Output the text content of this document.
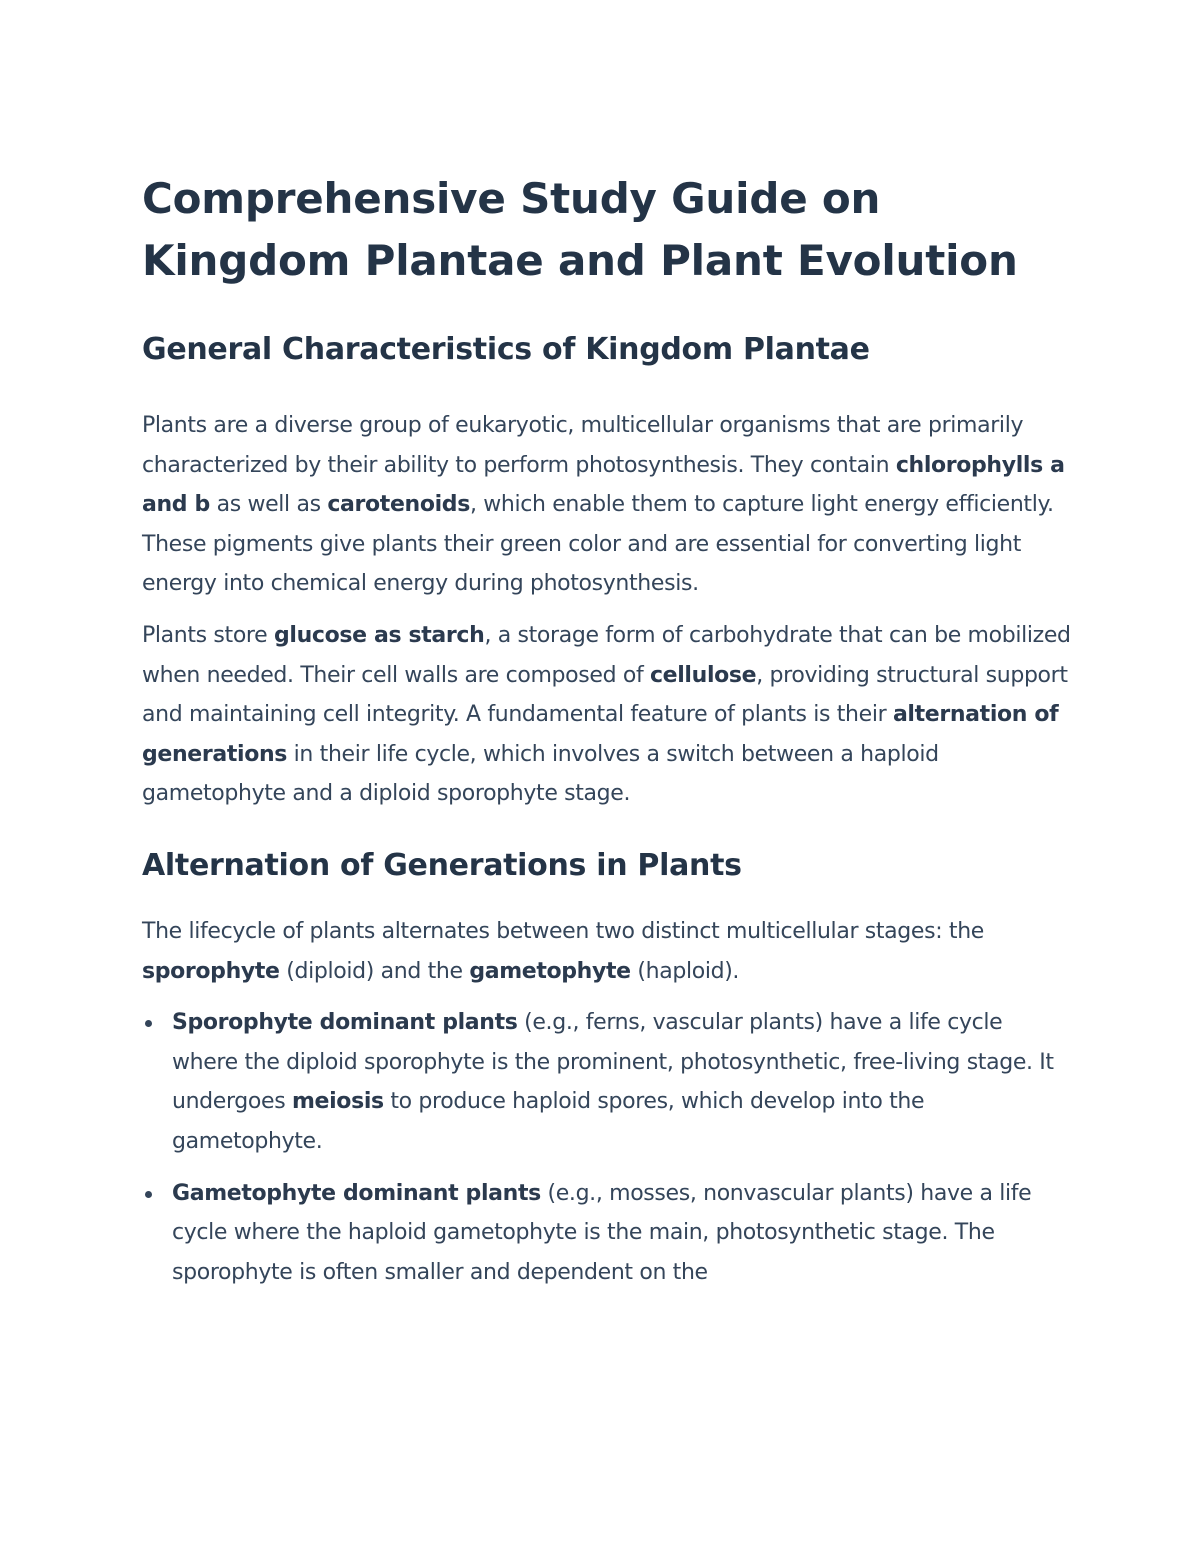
Comprehensive Study Guide on
Kingdom Plantae and Plant Evolution
General Characteristics of Kingdom Plantae

Plants are a diverse group of eukaryotic, multicellular organisms that are primarily characterized by their ability to perform photosynthesis. They contain chlorophylls a and b as well as carotenoids, which enable them to capture light energy efficiently. These pigments give plants their green color and are essential for converting light energy into chemical energy during photosynthesis.

Plants store glucose as starch, a storage form of carbohydrate that can be mobilized when needed. Their cell walls are composed of cellulose, providing structural support and maintaining cell integrity. A fundamental feature of plants is their alternation of generations in their life cycle, which involves a switch between a haploid gametophyte and a diploid sporophyte stage.

Alternation of Generations in Plants

The lifecycle of plants alternates between two distinct multicellular stages: the sporophyte (diploid) and the gametophyte (haploid).

Sporophyte dominant plants (e.g., ferns, vascular plants) have a life cycle where the diploid sporophyte is the prominent, photosynthetic, free-living stage. It undergoes meiosis to produce haploid spores, which develop into the gametophyte.
Gametophyte dominant plants (e.g., mosses, nonvascular plants) have a life cycle where the haploid gametophyte is the main, photosynthetic stage. The sporophyte is often smaller and dependent on the
